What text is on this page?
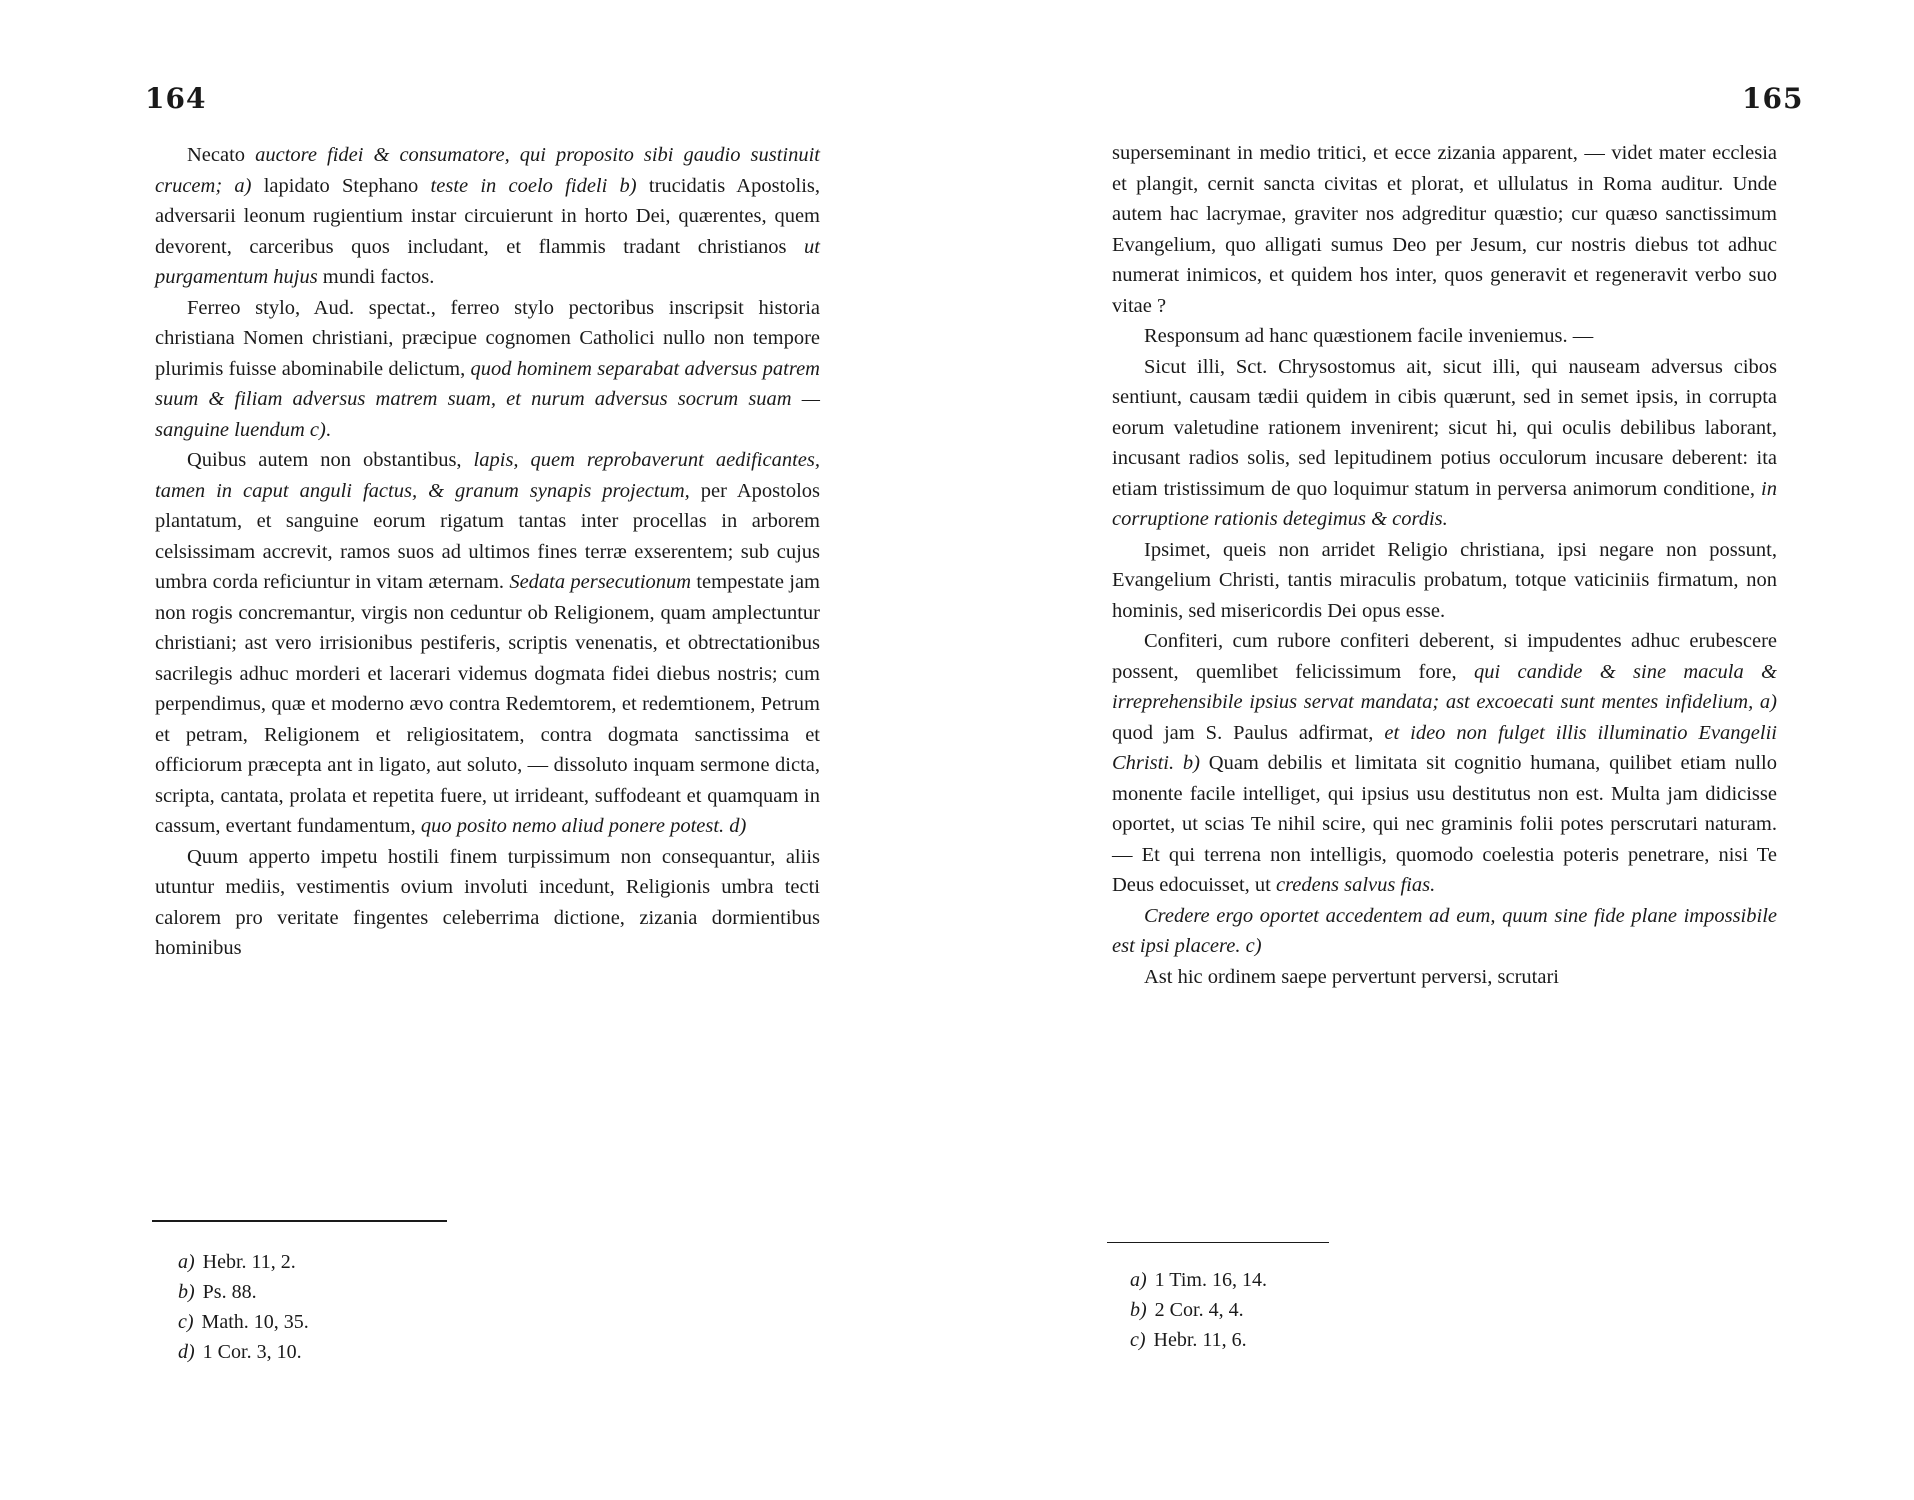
164

Necato auctore fidei & consumatore, qui proposito sibi gaudio sustinuit crucem; a) lapidato Stephano teste in coelo fideli b) trucidatis Apostolis, adversarii leonum rugientium instar circuierunt in horto Dei, quærentes, quem devorent, carceribus quos includant, et flammis tradant christianos ut purgamentum hujus mundi factos.

Ferreo stylo, Aud. spectat., ferreo stylo pectoribus inscripsit historia christiana Nomen christiani, præcipue cognomen Catholici nullo non tempore plurimis fuisse abominabile delictum, quod hominem separabat adversus patrem suum & filiam adversus matrem suam, et nurum adversus socrum suam — sanguine luendum c).

Quibus autem non obstantibus, lapis, quem reprobaverunt aedificantes, tamen in caput anguli factus, & granum synapis projectum, per Apostolos plantatum, et sanguine eorum rigatum tantas inter procellas in arborem celsissimam accrevit, ramos suos ad ultimos fines terræ exserentem; sub cujus umbra corda reficiuntur in vitam æternam. Sedata persecutionum tempestate jam non rogis concremantur, virgis non ceduntur ob Religionem, quam amplectuntur christiani; ast vero irrisionibus pestiferis, scriptis venenatis, et obtrectationibus sacrilegis adhuc morderi et lacerari videmus dogmata fidei diebus nostris; cum perpendimus, quæ et moderno ævo contra Redemtorem, et redemtionem, Petrum et petram, Religionem et religiositatem, contra dogmata sanctissima et officiorum præcepta ant in ligato, aut soluto, — dissoluto inquam sermone dicta, scripta, cantata, prolata et repetita fuere, ut irrideant, suffodeant et quamquam in cassum, evertant fundamentum, quo posito nemo aliud ponere potest. d)

Quum apperto impetu hostili finem turpissimum non consequantur, aliis utuntur mediis, vestimentis ovium involuti incedunt, Religionis umbra tecti calorem pro veritate fingentes celeberrima dictione, zizania dormientibus hominibus

a) Hebr. 11, 2.
b) Ps. 88.
c) Math. 10, 35.
d) 1 Cor. 3, 10.
165

superseminant in medio tritici, et ecce zizania apparent, — videt mater ecclesia et plangit, cernit sancta civitas et plorat, et ullulatus in Roma auditur. Unde autem hac lacrymae, graviter nos adgreditur quæstio; cur quæso sanctissimum Evangelium, quo alligati sumus Deo per Jesum, cur nostris diebus tot adhuc numerat inimicos, et quidem hos inter, quos generavit et regeneravit verbo suo vitae ?

Responsum ad hanc quæstionem facile inveniemus. —

Sicut illi, Sct. Chrysostomus ait, sicut illi, qui nauseam adversus cibos sentiunt, causam tædii quidem in cibis quærunt, sed in semet ipsis, in corrupta eorum valetudine rationem invenirent; sicut hi, qui oculis debilibus laborant, incusant radios solis, sed lepitudinem potius occulorum incusare deberent: ita etiam tristissimum de quo loquimur statum in perversa animorum conditione, in corruptione rationis detegimus & cordis.

Ipsimet, queis non arridet Religio christiana, ipsi negare non possunt, Evangelium Christi, tantis miraculis probatum, totque vaticiniis firmatum, non hominis, sed misericordis Dei opus esse.

Confiteri, cum rubore confiteri deberent, si impudentes adhuc erubescere possent, quemlibet felicissimum fore, qui candide & sine macula & irreprehensibile ipsius servat mandata; ast excoecati sunt mentes infidelium, a) quod jam S. Paulus adfirmat, et ideo non fulget illis illuminatio Evangelii Christi. b) Quam debilis et limitata sit cognitio humana, quilibet etiam nullo monente facile intelliget, qui ipsius usu destitutus non est. Multa jam didicisse oportet, ut scias Te nihil scire, qui nec graminis folii potes perscrutari naturam. — Et qui terrena non intelligis, quomodo coelestia poteris penetrare, nisi Te Deus edocuisset, ut credens salvus fias.

Credere ergo oportet accedentem ad eum, quum sine fide plane impossibile est ipsi placere. c)

Ast hic ordinem saepe pervertunt perversi, scrutari

a) 1 Tim. 16, 14.
b) 2 Cor. 4, 4.
c) Hebr. 11, 6.
